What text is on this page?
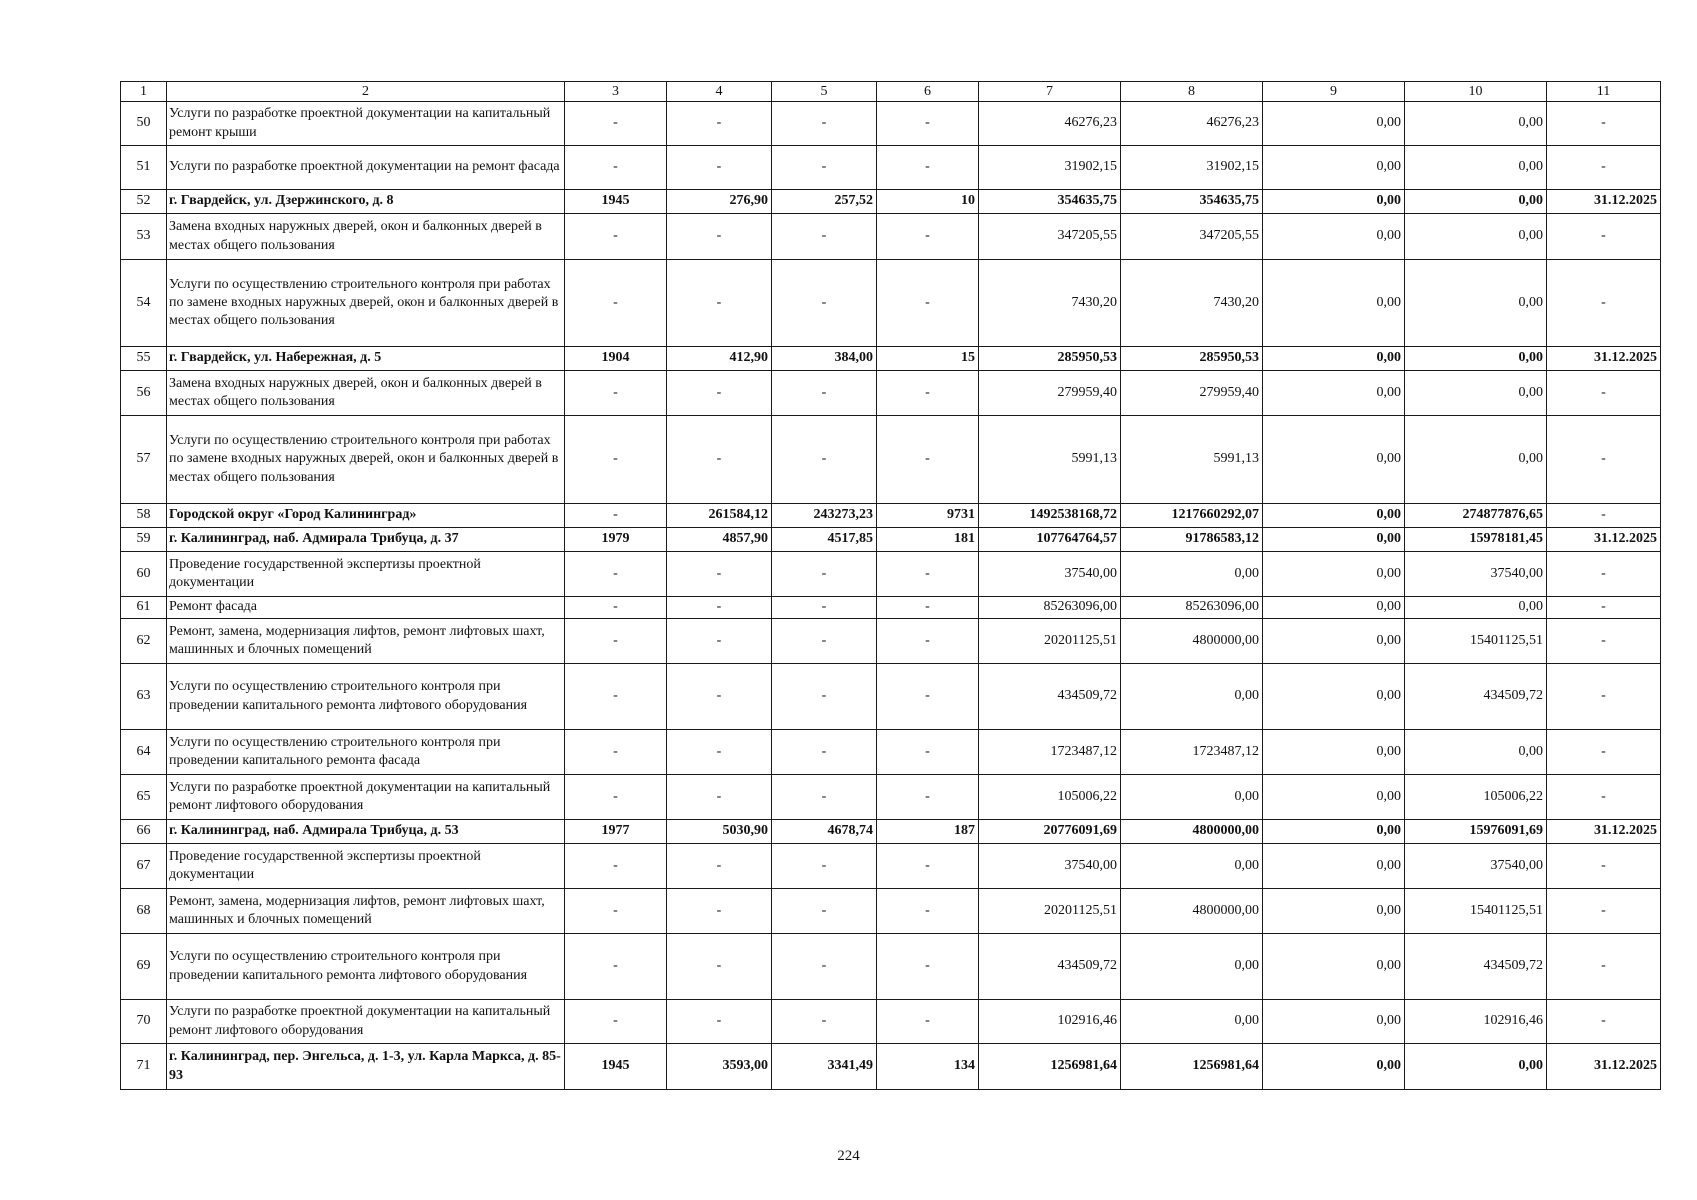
1	2	3	4	5	6	7	8	9	10	11
50	Услуги по разработке проектной документации на капитальный ремонт крыши	-	-	-	-	46276,23	46276,23	0,00	0,00	-
51	Услуги по разработке проектной документации на ремонт фасада	-	-	-	-	31902,15	31902,15	0,00	0,00	-
52	г. Гвардейск, ул. Дзержинского, д. 8	1945	276,90	257,52	10	354635,75	354635,75	0,00	0,00	31.12.2025
53	Замена входных наружных дверей, окон и балконных дверей в местах общего пользования	-	-	-	-	347205,55	347205,55	0,00	0,00	-
54	Услуги по осуществлению строительного контроля при работах по замене входных наружных дверей, окон и балконных дверей в местах общего пользования	-	-	-	-	7430,20	7430,20	0,00	0,00	-
55	г. Гвардейск, ул. Набережная, д. 5	1904	412,90	384,00	15	285950,53	285950,53	0,00	0,00	31.12.2025
56	Замена входных наружных дверей, окон и балконных дверей в местах общего пользования	-	-	-	-	279959,40	279959,40	0,00	0,00	-
57	Услуги по осуществлению строительного контроля при работах по замене входных наружных дверей, окон и балконных дверей в местах общего пользования	-	-	-	-	5991,13	5991,13	0,00	0,00	-
58	Городской округ «Город Калининград»	-	261584,12	243273,23	9731	1492538168,72	1217660292,07	0,00	274877876,65	-
59	г. Калининград, наб. Адмирала Трибуца, д. 37	1979	4857,90	4517,85	181	107764764,57	91786583,12	0,00	15978181,45	31.12.2025
60	Проведение государственной экспертизы проектной документации	-	-	-	-	37540,00	0,00	0,00	37540,00	-
61	Ремонт фасада	-	-	-	-	85263096,00	85263096,00	0,00	0,00	-
62	Ремонт, замена, модернизация лифтов, ремонт лифтовых шахт, машинных и блочных помещений	-	-	-	-	20201125,51	4800000,00	0,00	15401125,51	-
63	Услуги по осуществлению строительного контроля при проведении капитального ремонта лифтового оборудования	-	-	-	-	434509,72	0,00	0,00	434509,72	-
64	Услуги по осуществлению строительного контроля при проведении капитального ремонта фасада	-	-	-	-	1723487,12	1723487,12	0,00	0,00	-
65	Услуги по разработке проектной документации на капитальный ремонт лифтового оборудования	-	-	-	-	105006,22	0,00	0,00	105006,22	-
66	г. Калининград, наб. Адмирала Трибуца, д. 53	1977	5030,90	4678,74	187	20776091,69	4800000,00	0,00	15976091,69	31.12.2025
67	Проведение государственной экспертизы проектной документации	-	-	-	-	37540,00	0,00	0,00	37540,00	-
68	Ремонт, замена, модернизация лифтов, ремонт лифтовых шахт, машинных и блочных помещений	-	-	-	-	20201125,51	4800000,00	0,00	15401125,51	-
69	Услуги по осуществлению строительного контроля при проведении капитального ремонта лифтового оборудования	-	-	-	-	434509,72	0,00	0,00	434509,72	-
70	Услуги по разработке проектной документации на капитальный ремонт лифтового оборудования	-	-	-	-	102916,46	0,00	0,00	102916,46	-
71	г. Калининград, пер. Энгельса, д. 1-3, ул. Карла Маркса, д. 85-93	1945	3593,00	3341,49	134	1256981,64	1256981,64	0,00	0,00	31.12.2025
224
